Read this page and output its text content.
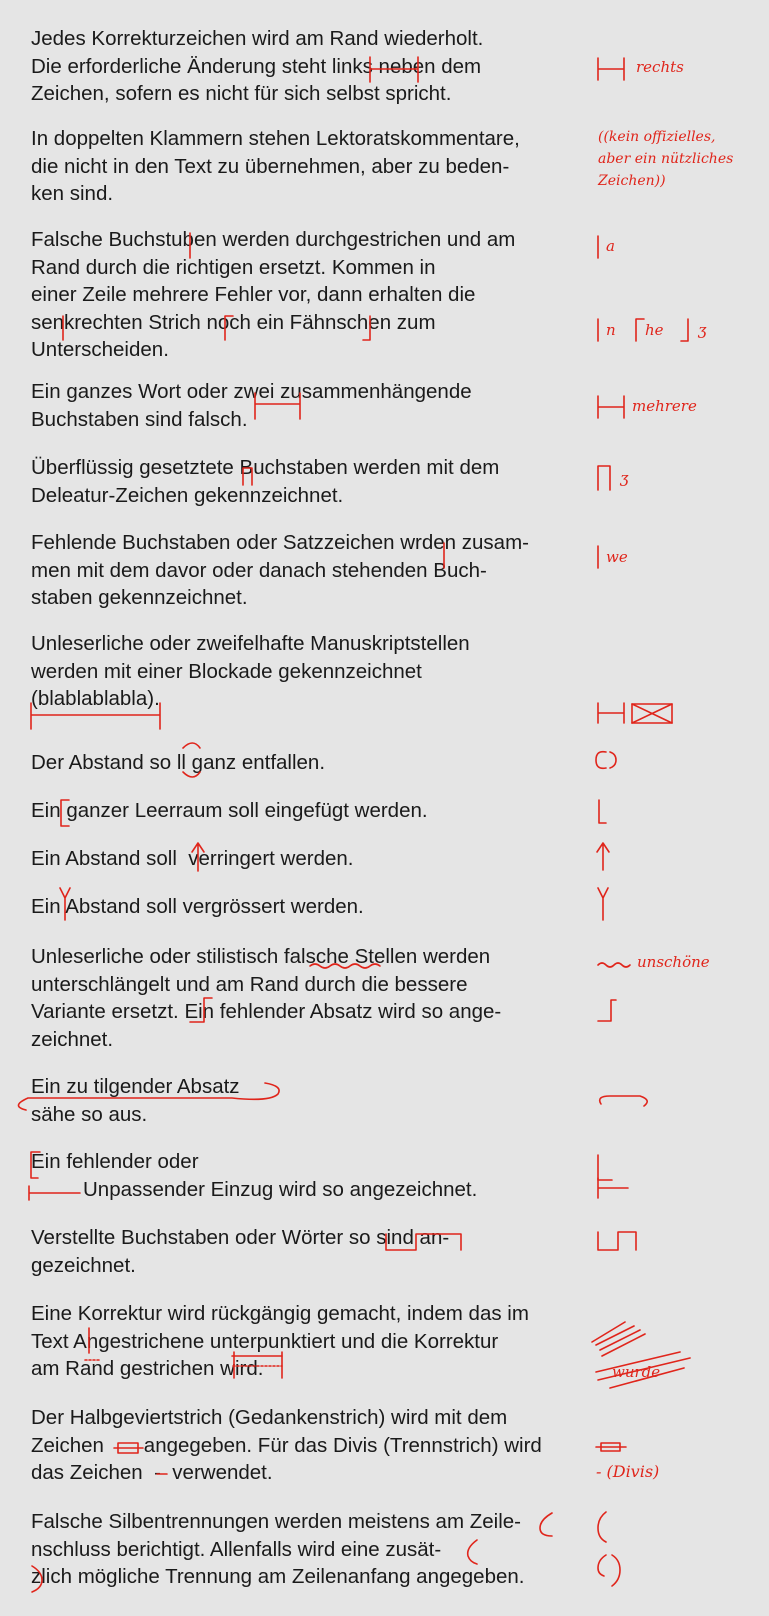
Jedes Korrekturzeichen wird am Rand wiederholt.
Die erforderliche Änderung steht links neben dem
Zeichen, sofern es nicht für sich selbst spricht.
In doppelten Klammern stehen Lektoratskommentare,
die nicht in den Text zu übernehmen, aber zu beden-
ken sind.
Falsche Buchstuben werden durchgestrichen und am
Rand durch die richtigen ersetzt. Kommen in
einer Zeile mehrere Fehler vor, dann erhalten die
senkrechten Strich noch ein Fähnschen zum
Unterscheiden.
Ein ganzes Wort oder zwei zusammenhängende
Buchstaben sind falsch.
Überflüssig gesetztete Buchstaben werden mit dem
Deleatur-Zeichen gekennzeichnet.
Fehlende Buchstaben oder Satzzeichen wrden zusam-
men mit dem davor oder danach stehenden Buch-
staben gekennzeichnet.
Unleserliche oder zweifelhafte Manuskriptstellen
werden mit einer Blockade gekennzeichnet
(blablablabla).
Der Abstand so ll ganz entfallen.
Ein ganzer Leerraum soll eingefügt werden.
Ein Abstand soll  verringert werden.
Ein Abstand soll vergrössert werden.
Unleserliche oder stilistisch falsche Stellen werden
unterschlängelt und am Rand durch die bessere
Variante ersetzt. Ein fehlender Absatz wird so ange-
zeichnet.
Ein zu tilgender Absatz
sähe so aus.
Ein fehlender oder
Unpassender Einzug wird so angezeichnet.
Verstellte Buchstaben oder Wörter so sind an-
gezeichnet.
Eine Korrektur wird rückgängig gemacht, indem das im
Text Angestrichene unterpunktiert und die Korrektur
am Rand gestrichen wird.
Der Halbgeviertstrich (Gedankenstrich) wird mit dem
Zeichen       angegeben. Für das Divis (Trennstrich) wird
das Zeichen  -  verwendet.
Falsche Silbentrennungen werden meistens am Zeile-
nschluss berichtigt. Allenfalls wird eine zusät-
zlich mögliche Trennung am Zeilenanfang angegeben.
rechts
((kein offizielles,
aber ein nützliches
Zeichen))
a
n he ʒ
mehrere
ʒ
we
unschöne
- (Divis)
wurde
